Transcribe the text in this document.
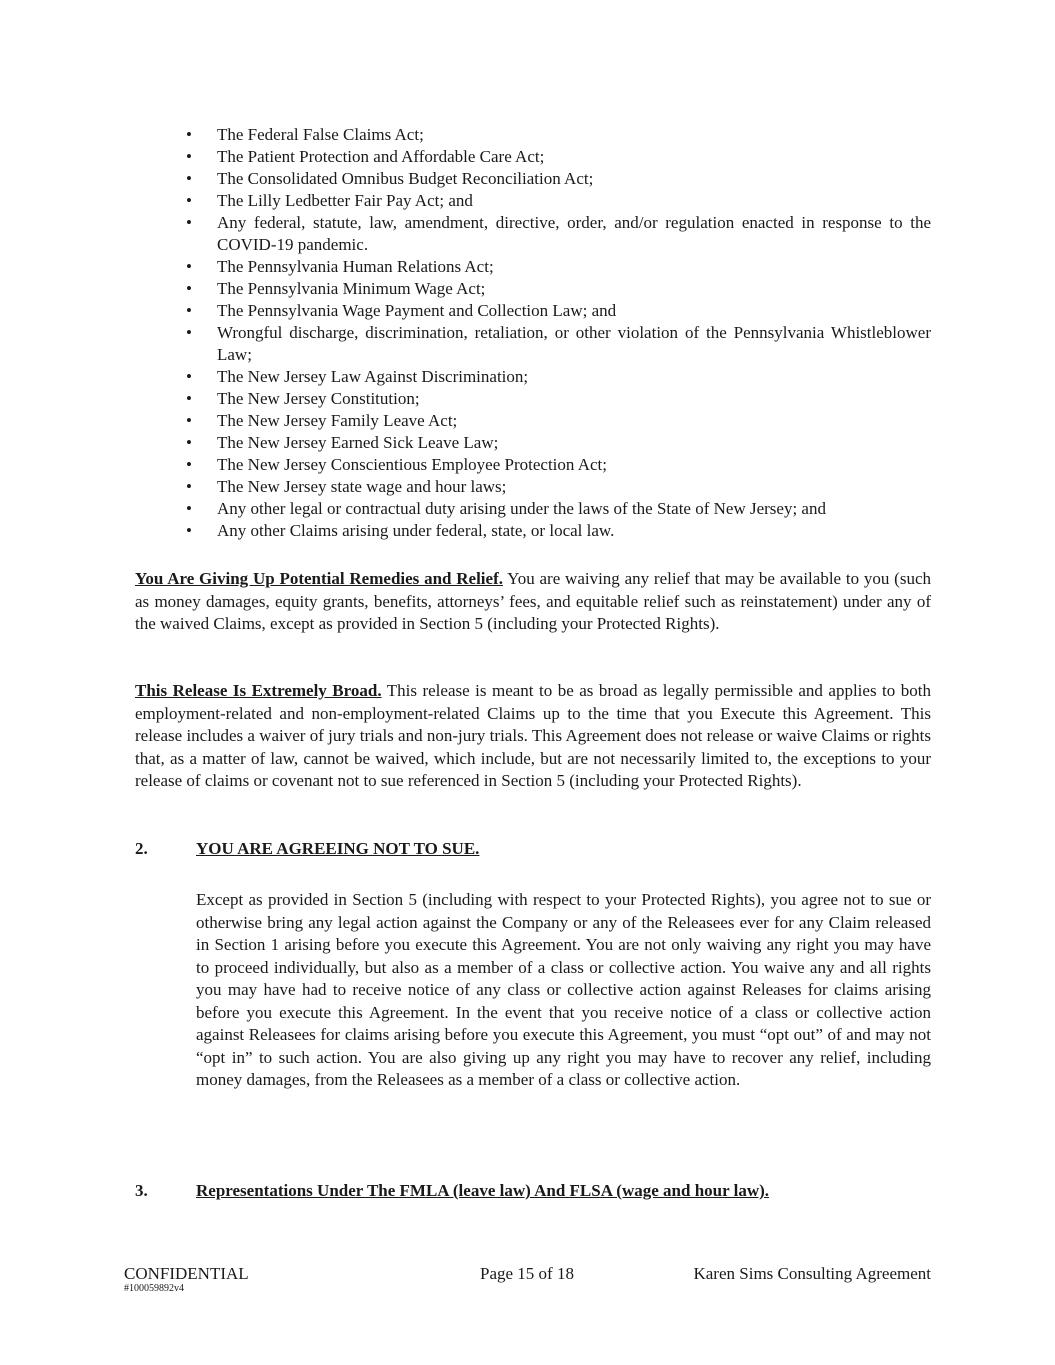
• The Federal False Claims Act;
• The Patient Protection and Affordable Care Act;
• The Consolidated Omnibus Budget Reconciliation Act;
• The Lilly Ledbetter Fair Pay Act; and
• Any federal, statute, law, amendment, directive, order, and/or regulation enacted in response to the COVID-19 pandemic.
• The Pennsylvania Human Relations Act;
• The Pennsylvania Minimum Wage Act;
• The Pennsylvania Wage Payment and Collection Law; and
• Wrongful discharge, discrimination, retaliation, or other violation of the Pennsylvania Whistleblower Law;
• The New Jersey Law Against Discrimination;
• The New Jersey Constitution;
• The New Jersey Family Leave Act;
• The New Jersey Earned Sick Leave Law;
• The New Jersey Conscientious Employee Protection Act;
• The New Jersey state wage and hour laws;
• Any other legal or contractual duty arising under the laws of the State of New Jersey; and
• Any other Claims arising under federal, state, or local law.

You Are Giving Up Potential Remedies and Relief. You are waiving any relief that may be available to you (such as money damages, equity grants, benefits, attorneys’ fees, and equitable relief such as reinstatement) under any of the waived Claims, except as provided in Section 5 (including your Protected Rights).

This Release Is Extremely Broad. This release is meant to be as broad as legally permissible and applies to both employment-related and non-employment-related Claims up to the time that you Execute this Agreement. This release includes a waiver of jury trials and non-jury trials. This Agreement does not release or waive Claims or rights that, as a matter of law, cannot be waived, which include, but are not necessarily limited to, the exceptions to your release of claims or covenant not to sue referenced in Section 5 (including your Protected Rights).

2.	YOU ARE AGREEING NOT TO SUE.

Except as provided in Section 5 (including with respect to your Protected Rights), you agree not to sue or otherwise bring any legal action against the Company or any of the Releasees ever for any Claim released in Section 1 arising before you execute this Agreement. You are not only waiving any right you may have to proceed individually, but also as a member of a class or collective action. You waive any and all rights you may have had to receive notice of any class or collective action against Releases for claims arising before you execute this Agreement. In the event that you receive notice of a class or collective action against Releasees for claims arising before you execute this Agreement, you must “opt out” of and may not “opt in” to such action. You are also giving up any right you may have to recover any relief, including money damages, from the Releasees as a member of a class or collective action.

3.	Representations Under The FMLA (leave law) And FLSA (wage and hour law).
CONFIDENTIAL	Page 15 of 18	Karen Sims Consulting Agreement
#100059892v4
